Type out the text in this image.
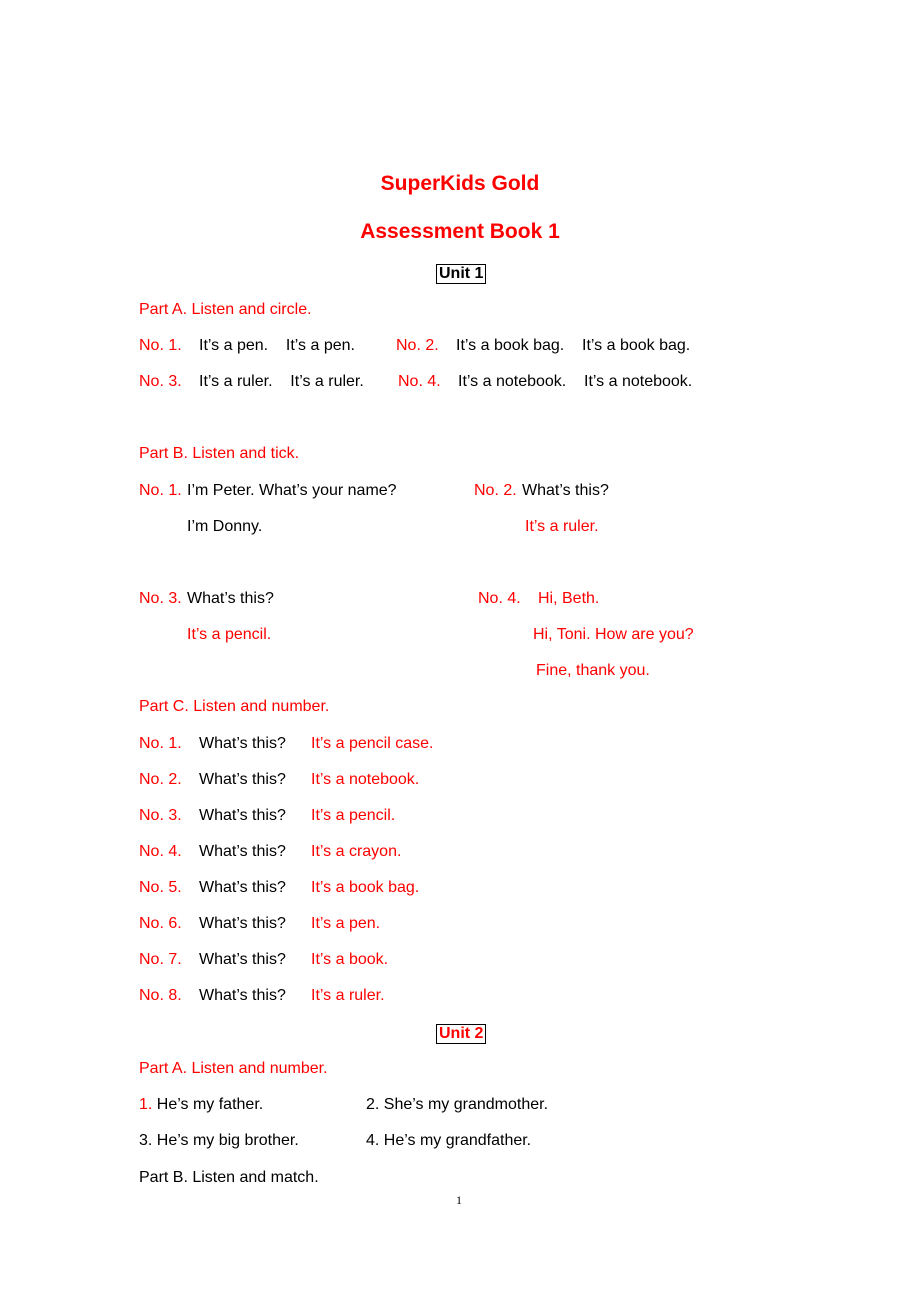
SuperKids Gold
Assessment Book 1
Unit 1
Part A. Listen and circle.
No. 1. It’s a pen.    It’s a pen.	No. 2. It’s a book bag.    It’s a book bag.
No. 3. It’s a ruler.    It’s a ruler. No. 4. It’s a notebook.    It’s a notebook.
Part B. Listen and tick.
No. 1. I’m Peter. What’s your name?
I’m Donny.
No. 2. What’s this?
It’s a ruler.
No. 3. What’s this?
It’s a pencil.
No. 4. Hi, Beth.
Hi, Toni. How are you?
Fine, thank you.
Part C. Listen and number.
No. 1. What’s this? It’s a pencil case.
No. 2. What’s this? It’s a notebook.
No. 3. What’s this? It’s a pencil.
No. 4. What’s this? It’s a crayon.
No. 5. What’s this? It’s a book bag.
No. 6. What’s this? It’s a pen.
No. 7. What’s this? It’s a book.
No. 8. What’s this? It’s a ruler.
Unit 2
Part A. Listen and number.
1. He’s my father.	2. She’s my grandmother.
3. He’s my big brother.	4. He’s my grandfather.
Part B. Listen and match.
1
